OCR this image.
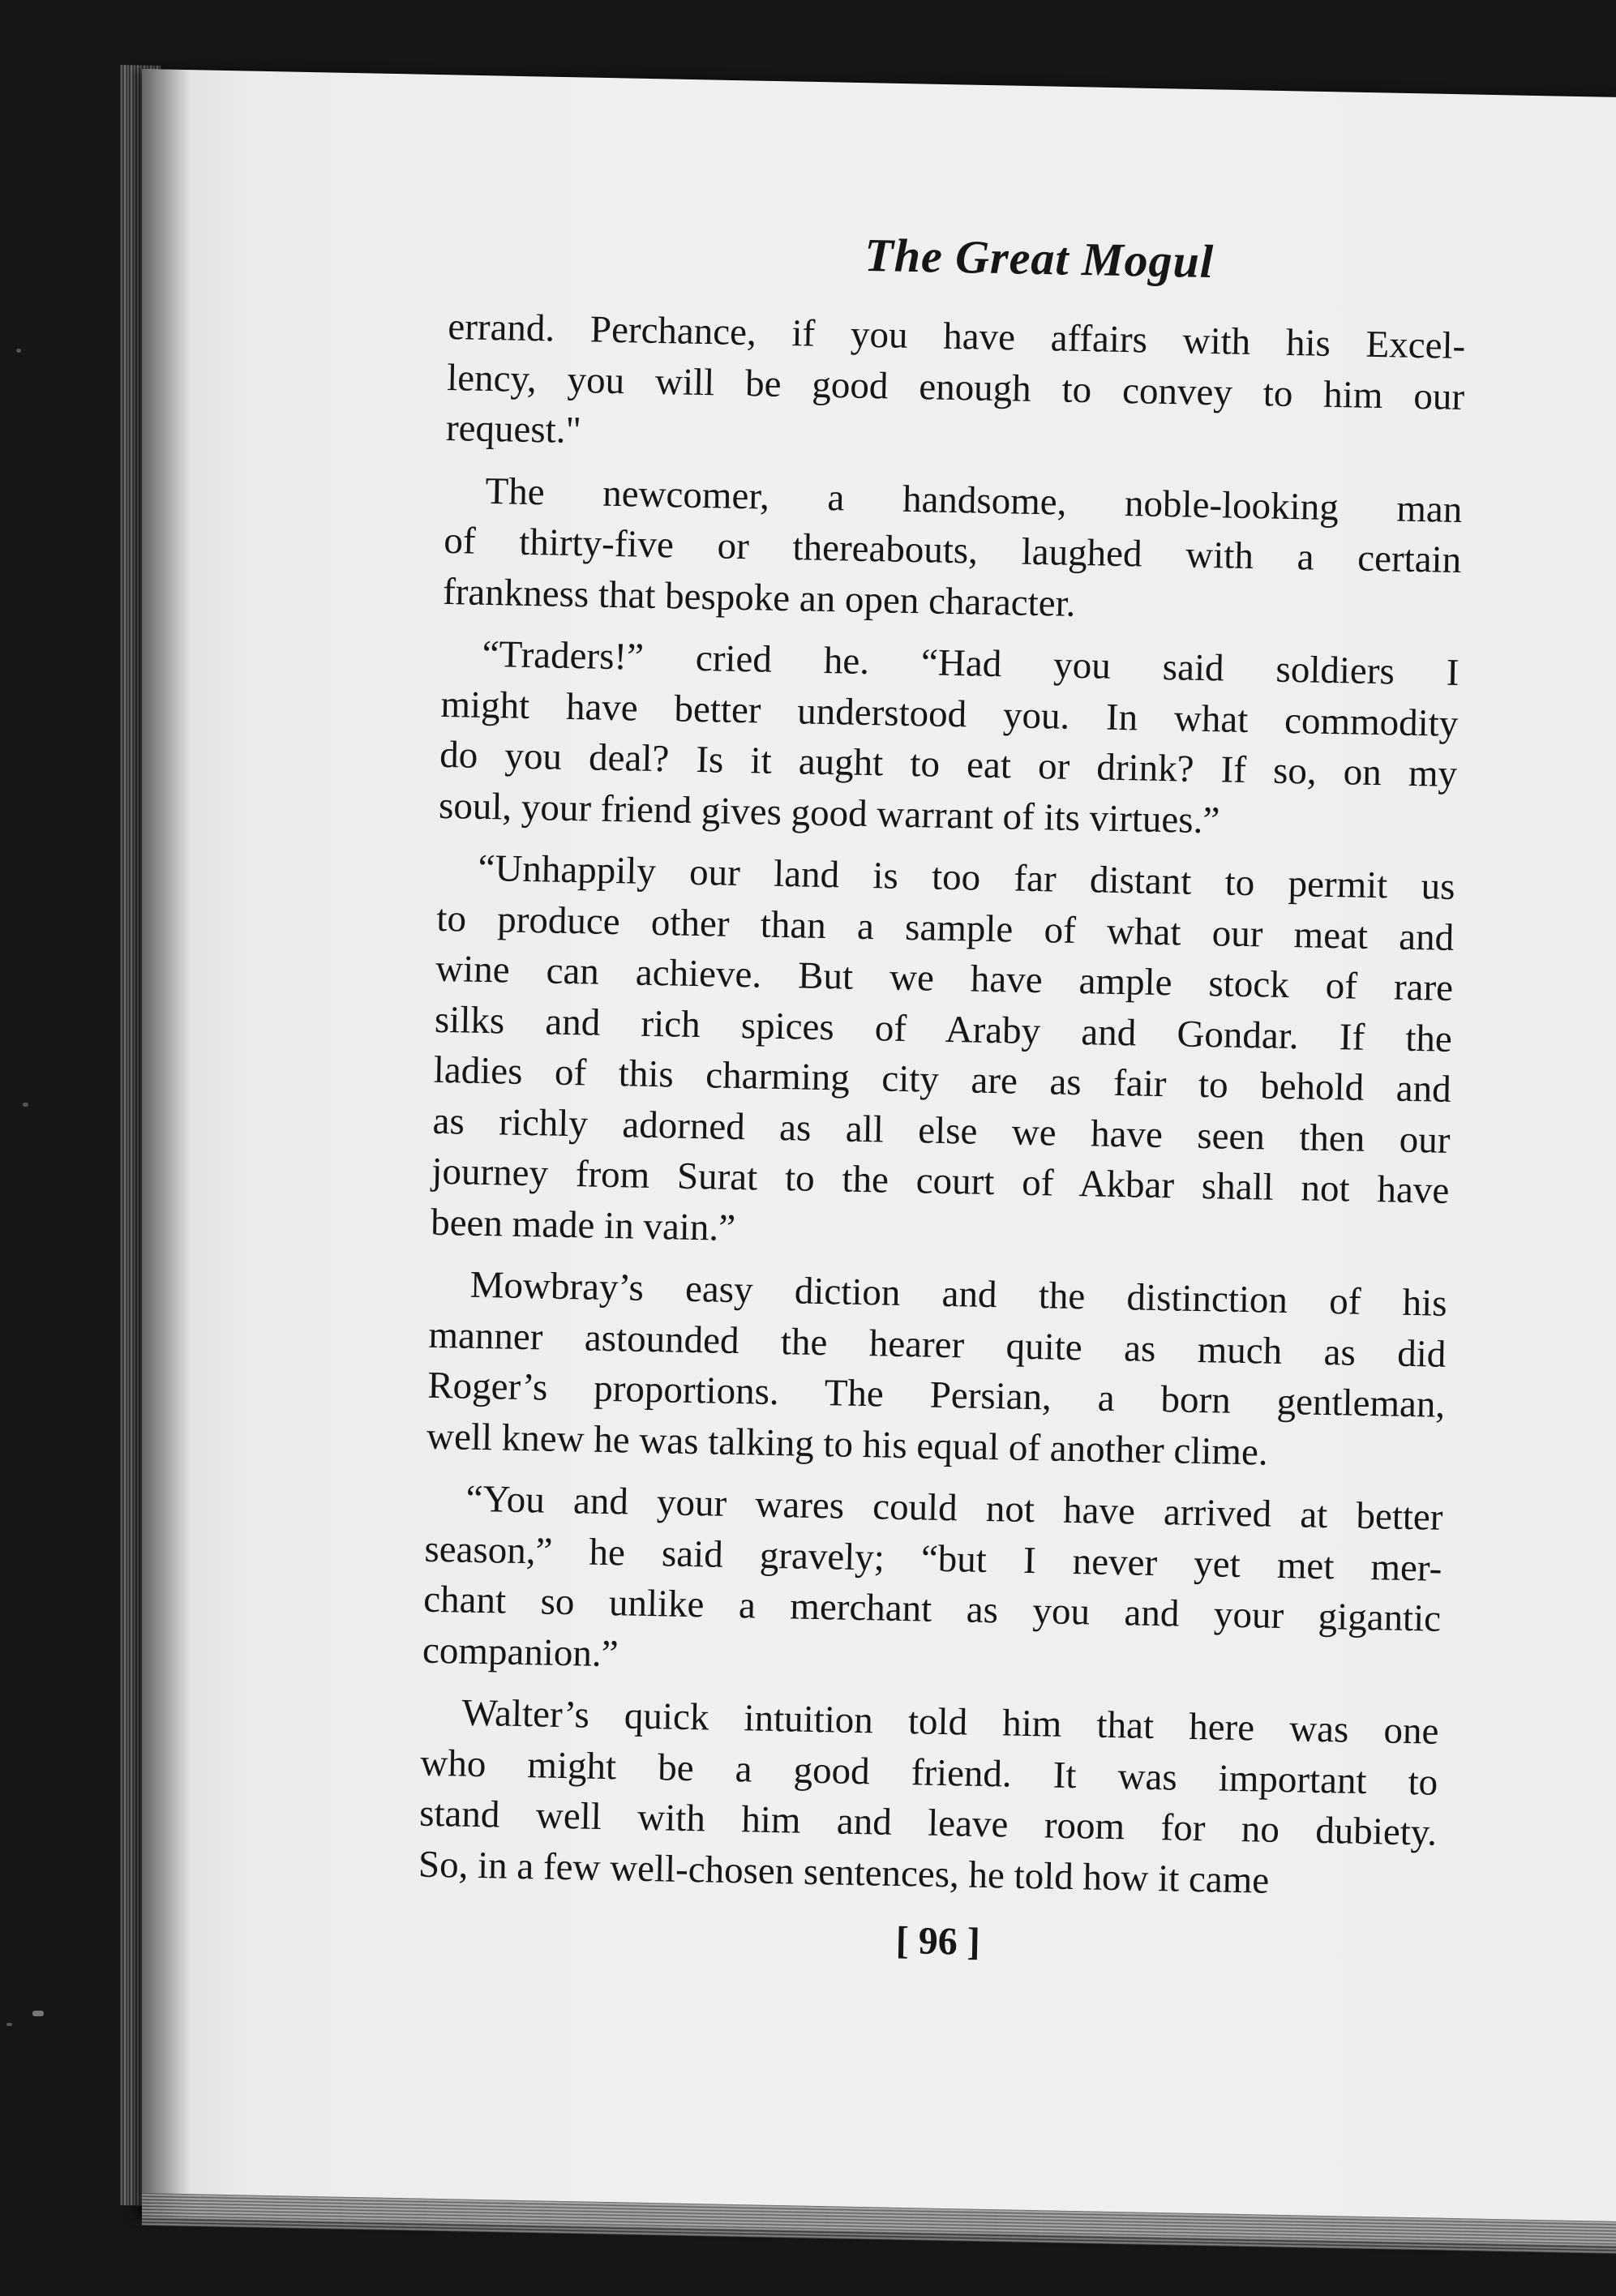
The Great Mogul
errand. Perchance, if you have affairs with his Excel-
lency, you will be good enough to convey to him our
request."
The newcomer, a handsome, noble-looking man
of thirty-five or thereabouts, laughed with a certain
frankness that bespoke an open character.
“Traders!” cried he. “Had you said soldiers I
might have better understood you. In what commodity
do you deal? Is it aught to eat or drink? If so, on my
soul, your friend gives good warrant of its virtues.”
“Unhappily our land is too far distant to permit us
to produce other than a sample of what our meat and
wine can achieve. But we have ample stock of rare
silks and rich spices of Araby and Gondar. If the
ladies of this charming city are as fair to behold and
as richly adorned as all else we have seen then our
journey from Surat to the court of Akbar shall not have
been made in vain.”
Mowbray’s easy diction and the distinction of his
manner astounded the hearer quite as much as did
Roger’s proportions. The Persian, a born gentleman,
well knew he was talking to his equal of another clime.
“You and your wares could not have arrived at better
season,” he said gravely; “but I never yet met mer-
chant so unlike a merchant as you and your gigantic
companion.”
Walter’s quick intuition told him that here was one
who might be a good friend. It was important to
stand well with him and leave room for no dubiety.
So, in a few well-chosen sentences, he told how it came
[ 96 ]
